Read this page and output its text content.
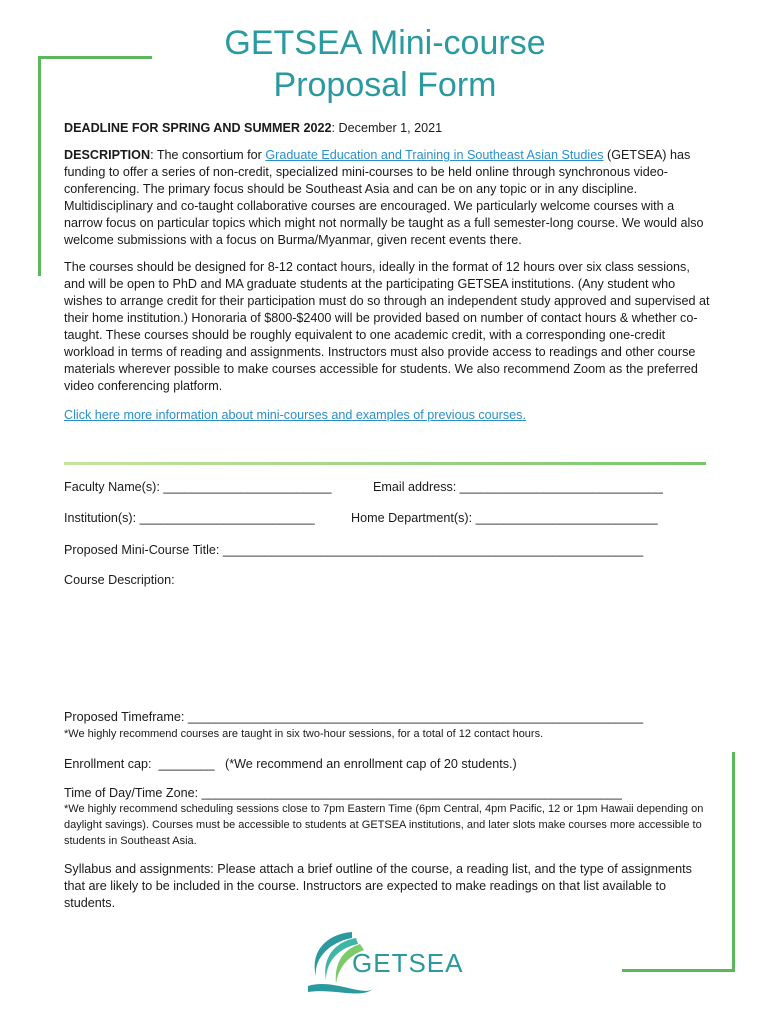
GETSEA Mini-course
Proposal Form

DEADLINE FOR SPRING AND SUMMER 2022: December 1, 2021

DESCRIPTION: The consortium for Graduate Education and Training in Southeast Asian Studies (GETSEA) has funding to offer a series of non-credit, specialized mini-courses to be held online through synchronous video-conferencing. The primary focus should be Southeast Asia and can be on any topic or in any discipline. Multidisciplinary and co-taught collaborative courses are encouraged. We particularly welcome courses with a narrow focus on particular topics which might not normally be taught as a full semester-long course. We would also welcome submissions with a focus on Burma/Myanmar, given recent events there.

The courses should be designed for 8-12 contact hours, ideally in the format of 12 hours over six class sessions, and will be open to PhD and MA graduate students at the participating GETSEA institutions. (Any student who wishes to arrange credit for their participation must do so through an independent study approved and supervised at their home institution.) Honoraria of $800-$2400 will be provided based on number of contact hours & whether co-taught. These courses should be roughly equivalent to one academic credit, with a corresponding one-credit workload in terms of reading and assignments. Instructors must also provide access to readings and other course materials wherever possible to make courses accessible for students. We also recommend Zoom as the preferred video conferencing platform.

Click here more information about mini-courses and examples of previous courses.

Faculty Name(s): ________________________	Email address: _____________________________
Institution(s): _________________________	Home Department(s): __________________________
Proposed Mini-Course Title: ____________________________________________________________
Course Description:
Proposed Timeframe: _________________________________________________________________
*We highly recommend courses are taught in six two-hour sessions, for a total of 12 contact hours.
Enrollment cap:  ________   (*We recommend an enrollment cap of 20 students.)
Time of Day/Time Zone: ____________________________________________________________
*We highly recommend scheduling sessions close to 7pm Eastern Time (6pm Central, 4pm Pacific, 12 or 1pm Hawaii depending on daylight savings). Courses must be accessible to students at GETSEA institutions, and later slots make courses more accessible to students in Southeast Asia.
Syllabus and assignments: Please attach a brief outline of the course, a reading list, and the type of assignments that are likely to be included in the course. Instructors are expected to make readings on that list available to students.
GETSEA
